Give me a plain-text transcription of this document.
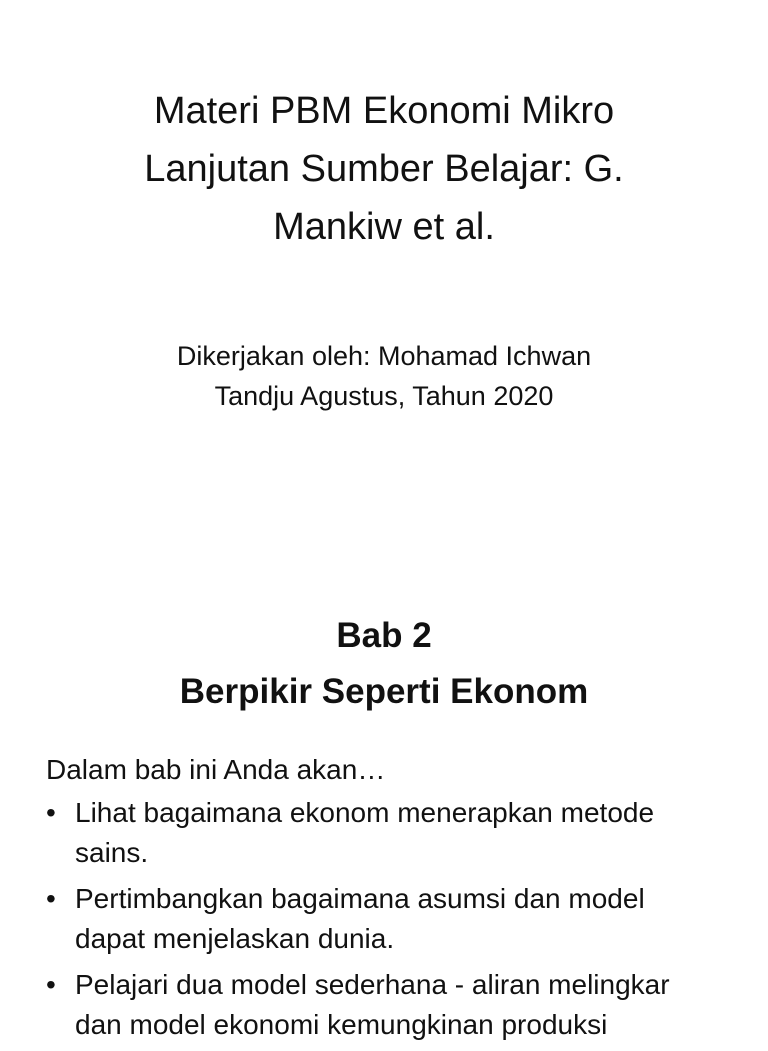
Materi PBM Ekonomi Mikro
Lanjutan Sumber Belajar: G.
Mankiw et al.
Dikerjakan oleh: Mohamad Ichwan
Tandju Agustus, Tahun 2020
Bab 2
Berpikir Seperti Ekonom
Dalam bab ini Anda akan…
• Lihat bagaimana ekonom menerapkan metode
sains.
• Pertimbangkan bagaimana asumsi dan model
dapat menjelaskan dunia.
• Pelajari dua model sederhana - aliran melingkar
dan model ekonomi kemungkinan produksi
